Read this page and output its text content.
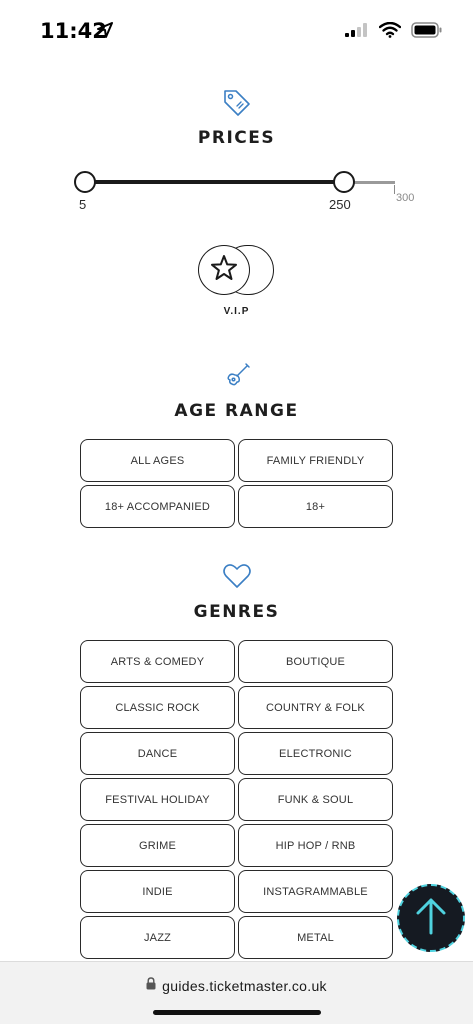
11:42
PRICES
5	250	300
V.I.P
AGE RANGE
ALL AGES	FAMILY FRIENDLY
18+ ACCOMPANIED	18+
GENRES
ARTS & COMEDY	BOUTIQUE
CLASSIC ROCK	COUNTRY & FOLK
DANCE	ELECTRONIC
FESTIVAL HOLIDAY	FUNK & SOUL
GRIME	HIP HOP / RNB
INDIE	INSTAGRAMMABLE
JAZZ	METAL
guides.ticketmaster.co.uk
